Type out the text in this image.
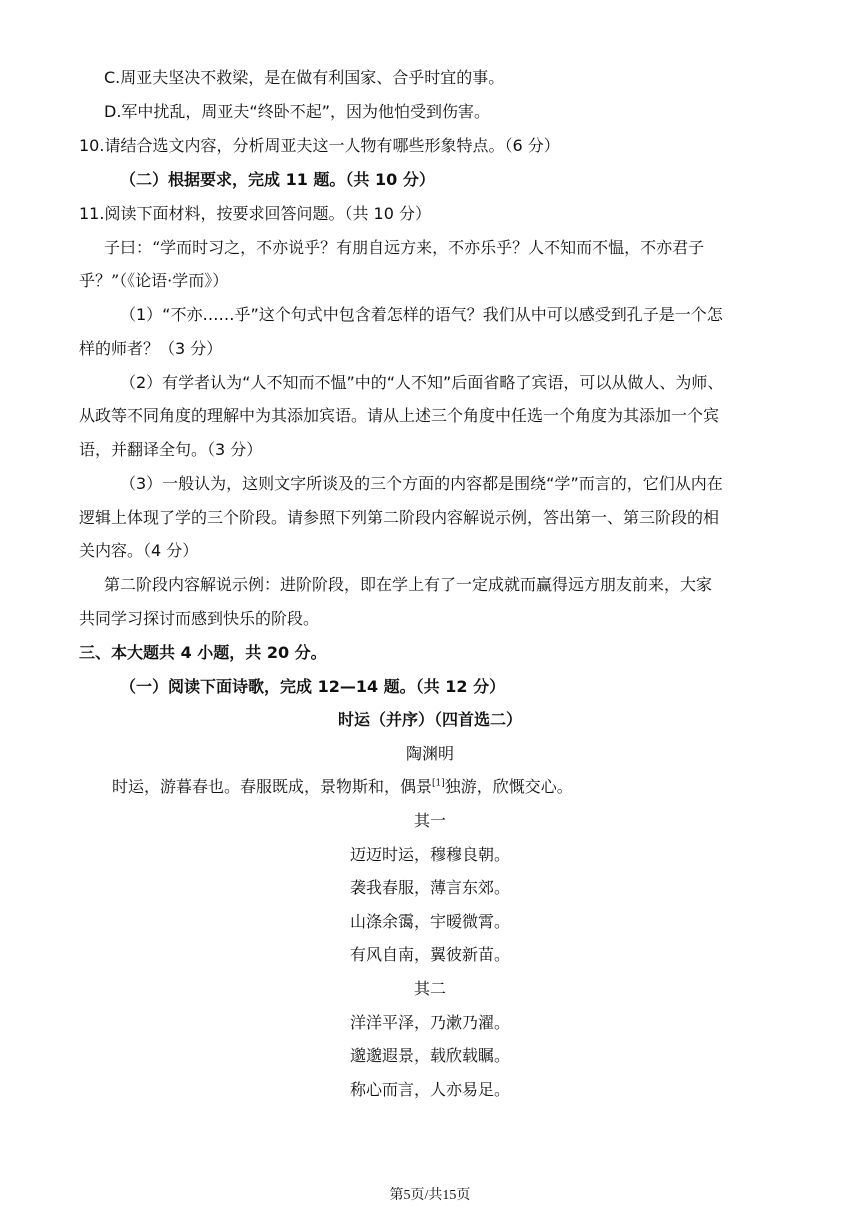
C.周亚夫坚决不救梁，是在做有利国家、合乎时宜的事。
D.军中扰乱，周亚夫“终卧不起”，因为他怕受到伤害。
10.请结合选文内容，分析周亚夫这一人物有哪些形象特点。（6 分）
（二）根据要求，完成 11 题。（共 10 分）
11.阅读下面材料，按要求回答问题。（共 10 分）
子曰：“学而时习之，不亦说乎？有朋自远方来，不亦乐乎？人不知而不愠，不亦君子
乎？”（《论语·学而》）
（1）“不亦……乎”这个句式中包含着怎样的语气？我们从中可以感受到孔子是一个怎
样的师者？（3 分）
（2）有学者认为“人不知而不愠”中的“人不知”后面省略了宾语，可以从做人、为师、
从政等不同角度的理解中为其添加宾语。请从上述三个角度中任选一个角度为其添加一个宾
语，并翻译全句。（3 分）
（3）一般认为，这则文字所谈及的三个方面的内容都是围绕“学”而言的，它们从内在
逻辑上体现了学的三个阶段。请参照下列第二阶段内容解说示例，答出第一、第三阶段的相
关内容。（4 分）
第二阶段内容解说示例：进阶阶段，即在学上有了一定成就而赢得远方朋友前来，大家
共同学习探讨而感到快乐的阶段。
三、本大题共 4 小题，共 20 分。
（一）阅读下面诗歌，完成 12—14 题。（共 12 分）
时运（并序）（四首选二）
陶渊明
时运，游暮春也。春服既成，景物斯和，偶景[1]独游，欣慨交心。
其一
迈迈时运，穆穆良朝。
袭我春服，薄言东郊。
山涤余霭，宇暧微霄。
有风自南，翼彼新苗。
其二
洋洋平泽，乃漱乃濯。
邈邈遐景，载欣载瞩。
称心而言，人亦易足。
第5页/共15页
